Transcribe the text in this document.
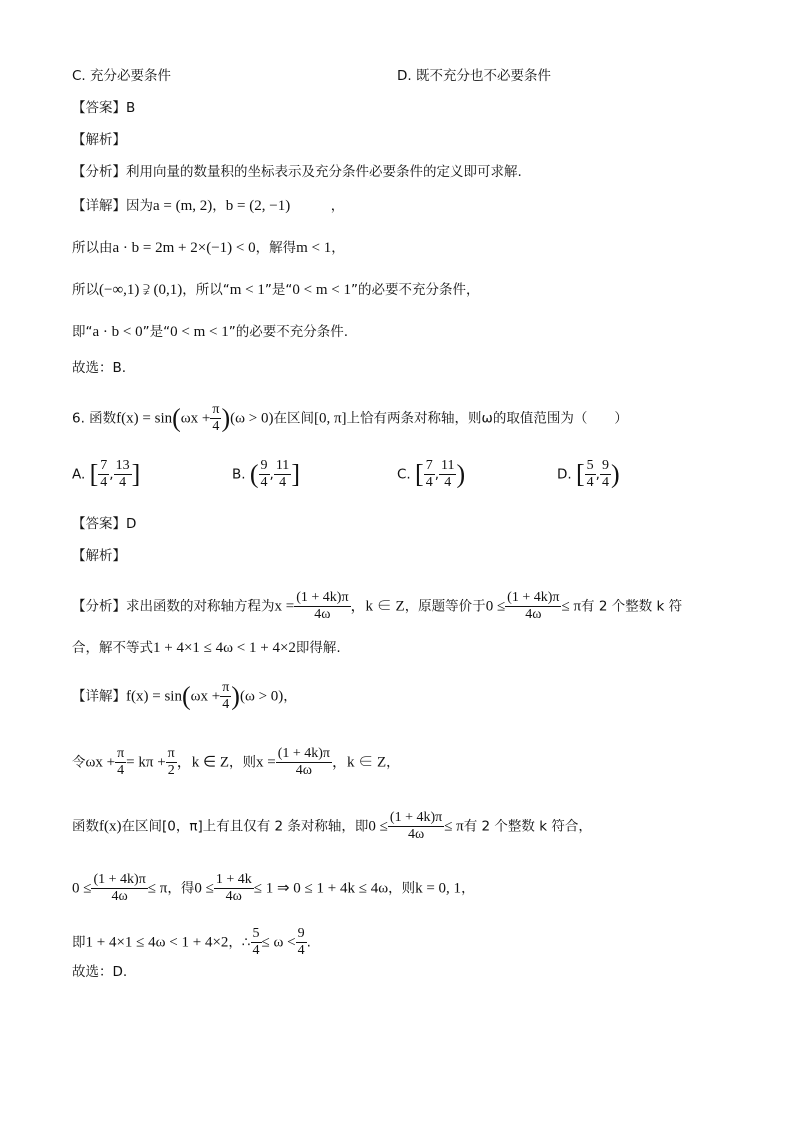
C. 充分必要条件	D. 既不充分也不必要条件
【答案】B
【解析】
【分析】利用向量的数量积的坐标表示及充分条件必要条件的定义即可求解.
【详解】因为a = (m, 2)，b = (2, −1)　　　，
所以由a · b = 2m + 2×(−1) < 0，解得m < 1，
所以(−∞,1) ⫌ (0,1)，所以“m < 1”是“0 < m < 1”的必要不充分条件，
即“a · b < 0”是“0 < m < 1”的必要不充分条件.
故选：B.
6. 函数$f(x) = \sin(\omega x + \frac{\pi}{4} )(\omega > 0)$在区间[0, π]上恰有两条对称轴，则ω的取值范围为（　　）
A. [ $\frac{7}{4}$ , $\frac{13}{4}$ ]	B. ( $\frac{9}{4}$ , $\frac{11}{4}$ ]	C. [ $\frac{7}{4}$ , $\frac{11}{4}$ )	D. [ $\frac{5}{4}$ , $\frac{9}{4}$ )
【答案】D
【解析】
【分析】求出函数的对称轴方程为$x = \frac{(1 + 4k)\pi}{4\omega}$ ，k ∈ Z，原题等价于$0 \le \frac{(1 + 4k)\pi}{4\omega} \le \pi$有 2 个整数 k 符
合，解不等式1 + 4×1 ≤ 4ω < 1 + 4×2即得解.
【详解】$f(x) = \sin(\omega x + \frac{\pi}{4} )(\omega > 0)$，
令$\omega x + \frac{\pi}{4} = k\pi + \frac{\pi}{2}$ ，k ∈ Z，则$x = \frac{(1 + 4k)\pi}{4\omega}$ ，k ∈ Z，
函数f(x)在区间[0，π]上有且仅有 2 条对称轴，即$0 \le \frac{(1 + 4k)\pi}{4\omega} \le \pi$有 2 个整数 k 符合，
$0 \le \frac{(1 + 4k)\pi}{4\omega} \le \pi$，得$0 \le \frac{1 + 4k}{4\omega} \le 1$ ⇒ 0 ≤ 1 + 4k ≤ 4ω，则k = 0, 1，
即1 + 4×1 ≤ 4ω < 1 + 4×2，∴ $\frac{5}{4} \le \omega < \frac{9}{4}$ .
故选：D.
